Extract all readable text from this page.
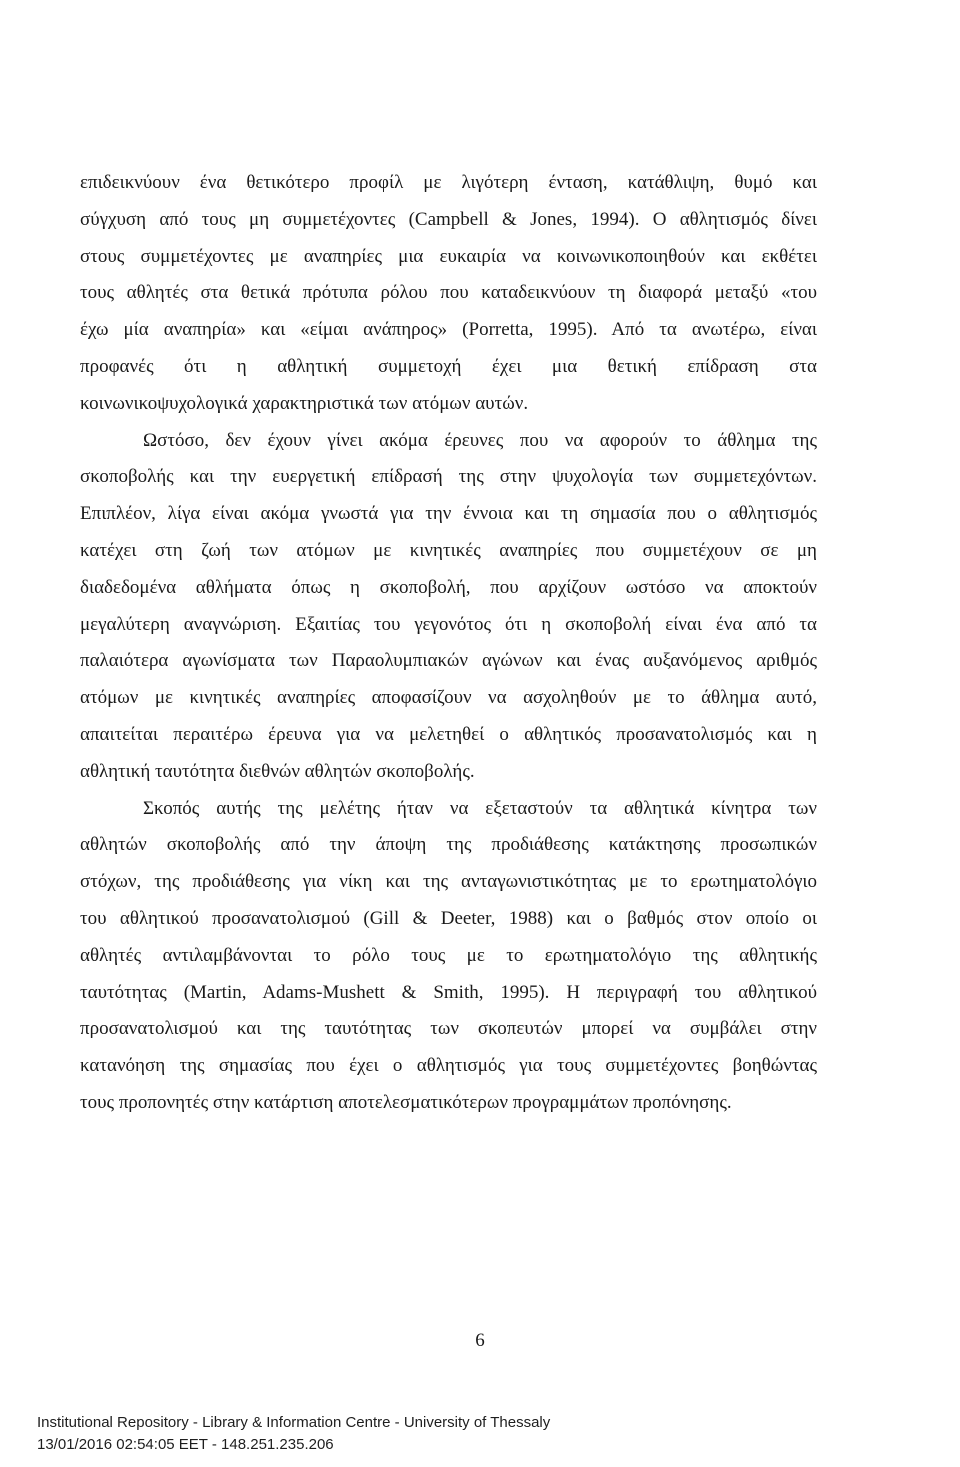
επιδεικνύουν ένα θετικότερο προφίλ με λιγότερη ένταση, κατάθλιψη, θυμό και
σύγχυση από τους μη συμμετέχοντες (Campbell & Jones, 1994). Ο αθλητισμός δίνει
στους συμμετέχοντες με αναπηρίες μια ευκαιρία να κοινωνικοποιηθούν και εκθέτει
τους αθλητές στα θετικά πρότυπα ρόλου που καταδεικνύουν τη διαφορά μεταξύ «του
έχω μία αναπηρία» και «είμαι ανάπηρος» (Porretta, 1995). Από τα ανωτέρω, είναι
προφανές ότι η αθλητική συμμετοχή έχει μια θετική επίδραση στα
κοινωνικοψυχολογικά χαρακτηριστικά των ατόμων αυτών.
Ωστόσο, δεν έχουν γίνει ακόμα έρευνες που να αφορούν το άθλημα της
σκοποβολής και την ευεργετική επίδρασή της στην ψυχολογία των συμμετεχόντων.
Επιπλέον, λίγα είναι ακόμα γνωστά για την έννοια και τη σημασία που ο αθλητισμός
κατέχει στη ζωή των ατόμων με κινητικές αναπηρίες που συμμετέχουν σε μη
διαδεδομένα αθλήματα όπως η σκοποβολή, που αρχίζουν ωστόσο να αποκτούν
μεγαλύτερη αναγνώριση. Εξαιτίας του γεγονότος ότι η σκοποβολή είναι ένα από τα
παλαιότερα αγωνίσματα των Παραολυμπιακών αγώνων και ένας αυξανόμενος αριθμός
ατόμων με κινητικές αναπηρίες αποφασίζουν να ασχοληθούν με το άθλημα αυτό,
απαιτείται περαιτέρω έρευνα για να μελετηθεί ο αθλητικός προσανατολισμός και η
αθλητική ταυτότητα διεθνών αθλητών σκοποβολής.
Σκοπός αυτής της μελέτης ήταν να εξεταστούν τα αθλητικά κίνητρα των
αθλητών σκοποβολής από την άποψη της προδιάθεσης κατάκτησης προσωπικών
στόχων, της προδιάθεσης για νίκη και της ανταγωνιστικότητας με το ερωτηματολόγιο
του αθλητικού προσανατολισμού (Gill & Deeter, 1988) και ο βαθμός στον οποίο οι
αθλητές αντιλαμβάνονται το ρόλο τους με το ερωτηματολόγιο της αθλητικής
ταυτότητας (Martin, Adams-Mushett & Smith, 1995). Η περιγραφή του αθλητικού
προσανατολισμού και της ταυτότητας των σκοπευτών μπορεί να συμβάλει στην
κατανόηση της σημασίας που έχει ο αθλητισμός για τους συμμετέχοντες βοηθώντας
τους προπονητές στην κατάρτιση αποτελεσματικότερων προγραμμάτων προπόνησης.
6
Institutional Repository - Library & Information Centre - University of Thessaly
13/01/2016 02:54:05 EET - 148.251.235.206
